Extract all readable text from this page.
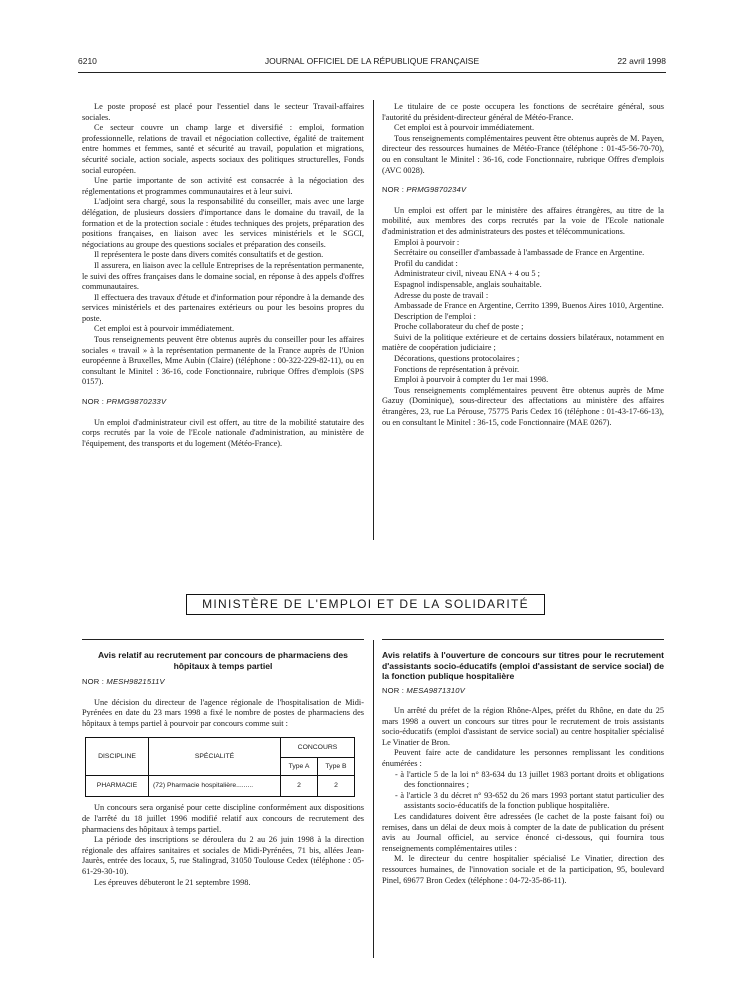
6210	JOURNAL OFFICIEL DE LA RÉPUBLIQUE FRANÇAISE	22 avril 1998

Le poste proposé est placé pour l'essentiel dans le secteur Travail-affaires sociales.

Ce secteur couvre un champ large et diversifié : emploi, formation professionnelle, relations de travail et négociation collective, égalité de traitement entre hommes et femmes, santé et sécurité au travail, population et migrations, sécurité sociale, action sociale, aspects sociaux des politiques structurelles, Fonds social européen.

Une partie importante de son activité est consacrée à la négociation des réglementations et programmes communautaires et à leur suivi.

L'adjoint sera chargé, sous la responsabilité du conseiller, mais avec une large délégation, de plusieurs dossiers d'importance dans le domaine du travail, de la formation et de la protection sociale : études techniques des projets, préparation des positions françaises, en liaison avec les services ministériels et le SGCI, négociations au groupe des questions sociales et préparation des conseils.

Il représentera le poste dans divers comités consultatifs et de gestion.

Il assurera, en liaison avec la cellule Entreprises de la représentation permanente, le suivi des offres françaises dans le domaine social, en réponse à des appels d'offres communautaires.

Il effectuera des travaux d'étude et d'information pour répondre à la demande des services ministériels et des partenaires extérieurs ou pour les besoins propres du poste.

Cet emploi est à pourvoir immédiatement.

Tous renseignements peuvent être obtenus auprès du conseiller pour les affaires sociales « travail » à la représentation permanente de la France auprès de l'Union européenne à Bruxelles, Mme Aubin (Claire) (téléphone : 00-322-229-82-11), ou en consultant le Minitel : 36-16, code Fonctionnaire, rubrique Offres d'emplois (SPS 0157).

NOR : PRMG9870233V

Un emploi d'administrateur civil est offert, au titre de la mobilité statutaire des corps recrutés par la voie de l'Ecole nationale d'administration, au ministère de l'équipement, des transports et du logement (Météo-France).

Le titulaire de ce poste occupera les fonctions de secrétaire général, sous l'autorité du président-directeur général de Météo-France.

Cet emploi est à pourvoir immédiatement.

Tous renseignements complémentaires peuvent être obtenus auprès de M. Payen, directeur des ressources humaines de Météo-France (téléphone : 01-45-56-70-70), ou en consultant le Minitel : 36-16, code Fonctionnaire, rubrique Offres d'emplois (AVC 0028).

NOR : PRMG9870234V

Un emploi est offert par le ministère des affaires étrangères, au titre de la mobilité, aux membres des corps recrutés par la voie de l'Ecole nationale d'administration et des administrateurs des postes et télécommunications.

Emploi à pourvoir :

Secrétaire ou conseiller d'ambassade à l'ambassade de France en Argentine.

Profil du candidat :

Administrateur civil, niveau ENA + 4 ou 5 ;

Espagnol indispensable, anglais souhaitable.

Adresse du poste de travail :

Ambassade de France en Argentine, Cerrito 1399, Buenos Aires 1010, Argentine.

Description de l'emploi :

Proche collaborateur du chef de poste ;

Suivi de la politique extérieure et de certains dossiers bilatéraux, notamment en matière de coopération judiciaire ;

Décorations, questions protocolaires ;

Fonctions de représentation à prévoir.

Emploi à pourvoir à compter du 1er mai 1998.

Tous renseignements complémentaires peuvent être obtenus auprès de Mme Gazuy (Dominique), sous-directeur des affectations au ministère des affaires étrangères, 23, rue La Pérouse, 75775 Paris Cedex 16 (téléphone : 01-43-17-66-13), ou en consultant le Minitel : 36-15, code Fonctionnaire (MAE 0267).

MINISTÈRE DE L'EMPLOI ET DE LA SOLIDARITÉ

Avis relatif au recrutement par concours de pharmaciens des hôpitaux à temps partiel

NOR : MESH9821511V

Une décision du directeur de l'agence régionale de l'hospitalisation de Midi-Pyrénées en date du 23 mars 1998 a fixé le nombre de postes de pharmaciens des hôpitaux à temps partiel à pourvoir par concours comme suit :

DISCIPLINE	SPÉCIALITÉ	CONCOURS	
		Type A	Type B
PHARMACIE	(72) Pharmacie hospitalière.........	2	2

Un concours sera organisé pour cette discipline conformément aux dispositions de l'arrêté du 18 juillet 1996 modifié relatif aux concours de recrutement des pharmaciens des hôpitaux à temps partiel.

La période des inscriptions se déroulera du 2 au 26 juin 1998 à la direction régionale des affaires sanitaires et sociales de Midi-Pyrénées, 71 bis, allées Jean-Jaurès, entrée des locaux, 5, rue Stalingrad, 31050 Toulouse Cedex (téléphone : 05-61-29-30-10).

Les épreuves débuteront le 21 septembre 1998.

Avis relatifs à l'ouverture de concours sur titres pour le recrutement d'assistants socio-éducatifs (emploi d'assistant de service social) de la fonction publique hospitalière

NOR : MESA9871310V

Un arrêté du préfet de la région Rhône-Alpes, préfet du Rhône, en date du 25 mars 1998 a ouvert un concours sur titres pour le recrutement de trois assistants socio-éducatifs (emploi d'assistant de service social) au centre hospitalier spécialisé Le Vinatier de Bron.

Peuvent faire acte de candidature les personnes remplissant les conditions énumérées :

- à l'article 5 de la loi n° 83-634 du 13 juillet 1983 portant droits et obligations des fonctionnaires ;

- à l'article 3 du décret n° 93-652 du 26 mars 1993 portant statut particulier des assistants socio-éducatifs de la fonction publique hospitalière.

Les candidatures doivent être adressées (le cachet de la poste faisant foi) ou remises, dans un délai de deux mois à compter de la date de publication du présent avis au Journal officiel, au service énoncé ci-dessous, qui fournira tous renseignements complémentaires utiles :

M. le directeur du centre hospitalier spécialisé Le Vinatier, direction des ressources humaines, de l'innovation sociale et de la participation, 95, boulevard Pinel, 69677 Bron Cedex (téléphone : 04-72-35-86-11).
